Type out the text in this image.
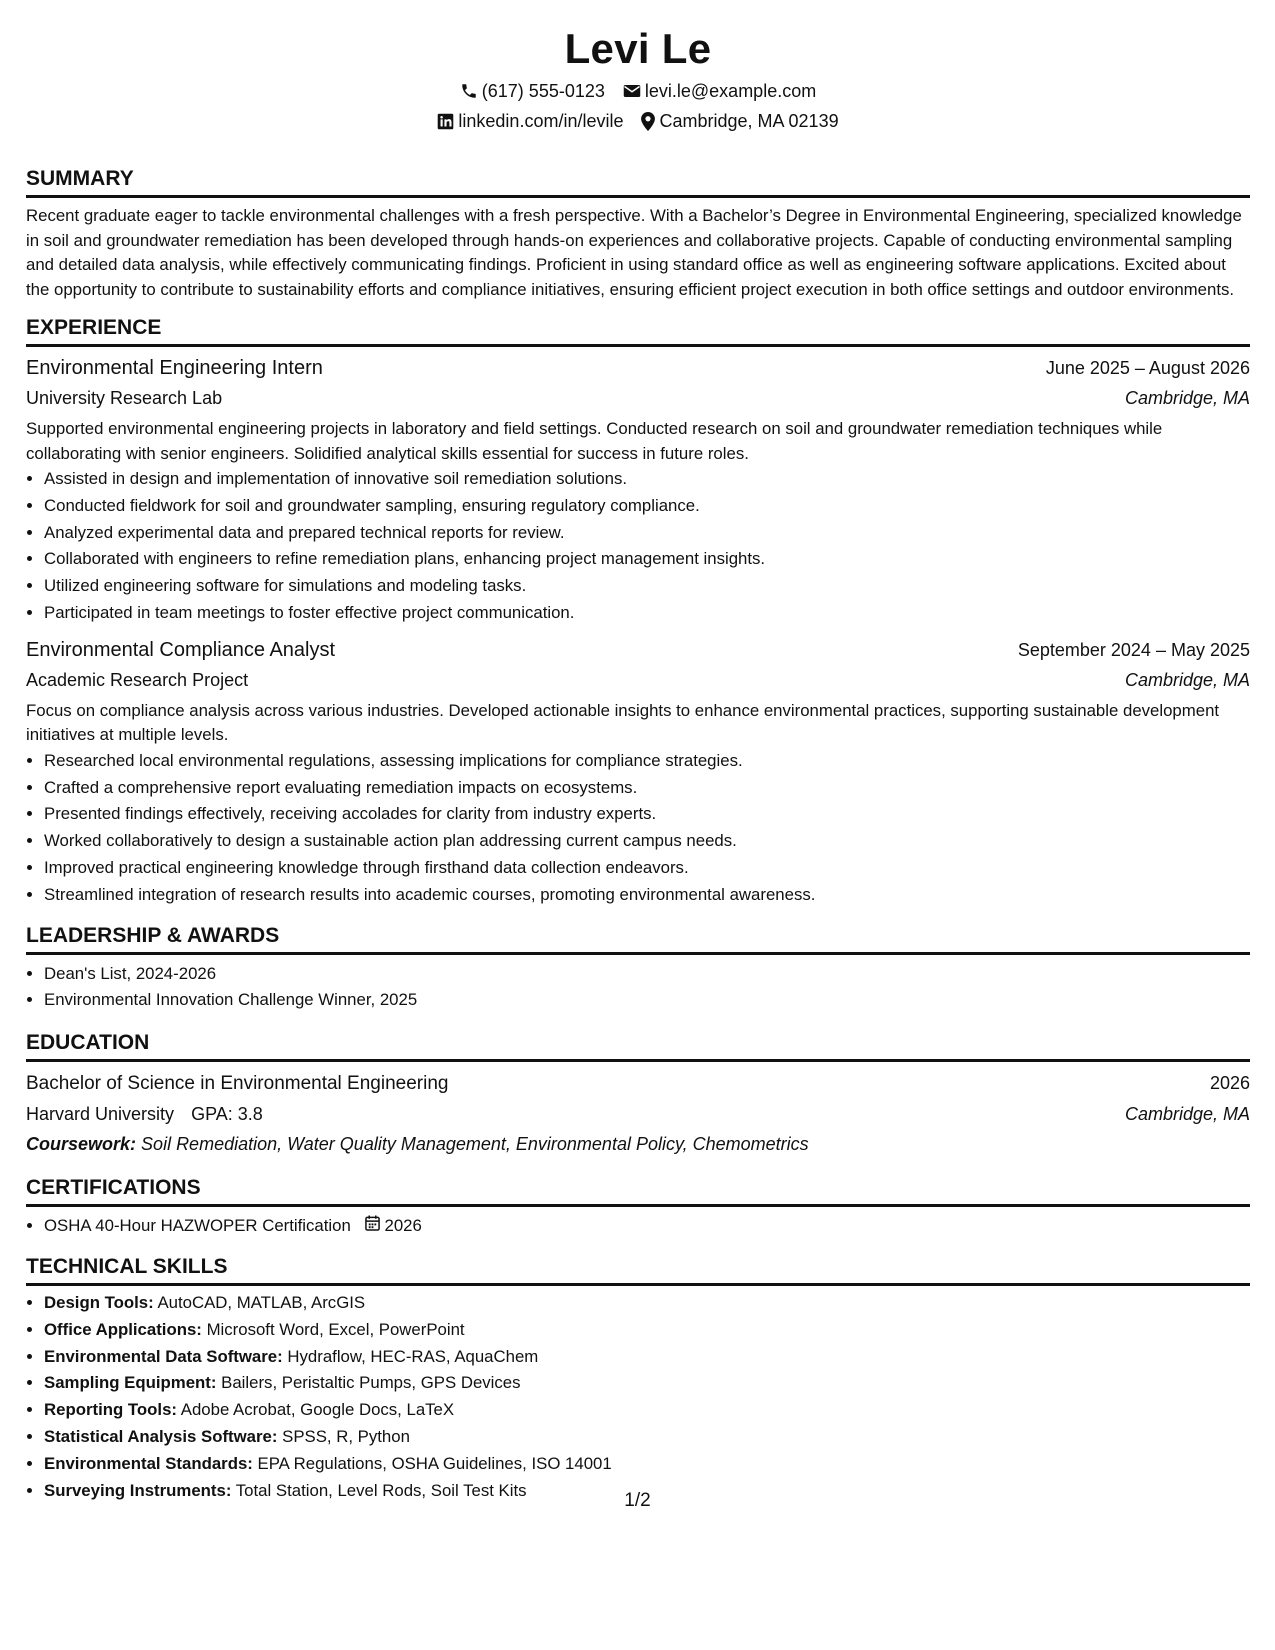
Levi Le
(617) 555-0123 levi.le@example.com
linkedin.com/in/levile Cambridge, MA 02139
SUMMARY

Recent graduate eager to tackle environmental challenges with a fresh perspective. With a Bachelor’s Degree in Environmental Engineering, specialized knowledge in soil and groundwater remediation has been developed through hands-on experiences and collaborative projects. Capable of conducting environmental sampling and detailed data analysis, while effectively communicating findings. Proficient in using standard office as well as engineering software applications. Excited about the opportunity to contribute to sustainability efforts and compliance initiatives, ensuring efficient project execution in both office settings and outdoor environments.

EXPERIENCE
Environmental Engineering Intern	June 2025 – August 2026
University Research Lab	Cambridge, MA
Supported environmental engineering projects in laboratory and field settings. Conducted research on soil and groundwater remediation techniques while collaborating with senior engineers. Solidified analytical skills essential for success in future roles.
• Assisted in design and implementation of innovative soil remediation solutions.
• Conducted fieldwork for soil and groundwater sampling, ensuring regulatory compliance.
• Analyzed experimental data and prepared technical reports for review.
• Collaborated with engineers to refine remediation plans, enhancing project management insights.
• Utilized engineering software for simulations and modeling tasks.
• Participated in team meetings to foster effective project communication.
Environmental Compliance Analyst	September 2024 – May 2025
Academic Research Project	Cambridge, MA
Focus on compliance analysis across various industries. Developed actionable insights to enhance environmental practices, supporting sustainable development initiatives at multiple levels.
• Researched local environmental regulations, assessing implications for compliance strategies.
• Crafted a comprehensive report evaluating remediation impacts on ecosystems.
• Presented findings effectively, receiving accolades for clarity from industry experts.
• Worked collaboratively to design a sustainable action plan addressing current campus needs.
• Improved practical engineering knowledge through firsthand data collection endeavors.
• Streamlined integration of research results into academic courses, promoting environmental awareness.
LEADERSHIP & AWARDS
• Dean's List, 2024-2026
• Environmental Innovation Challenge Winner, 2025
EDUCATION
Bachelor of Science in Environmental Engineering	2026
Harvard University GPA: 3.8	Cambridge, MA
Coursework: Soil Remediation, Water Quality Management, Environmental Policy, Chemometrics
CERTIFICATIONS
• OSHA 40-Hour HAZWOPER Certification 2026
TECHNICAL SKILLS
• Design Tools: AutoCAD, MATLAB, ArcGIS
• Office Applications: Microsoft Word, Excel, PowerPoint
• Environmental Data Software: Hydraflow, HEC-RAS, AquaChem
• Sampling Equipment: Bailers, Peristaltic Pumps, GPS Devices
• Reporting Tools: Adobe Acrobat, Google Docs, LaTeX
• Statistical Analysis Software: SPSS, R, Python
• Environmental Standards: EPA Regulations, OSHA Guidelines, ISO 14001
• Surveying Instruments: Total Station, Level Rods, Soil Test Kits	1/2
